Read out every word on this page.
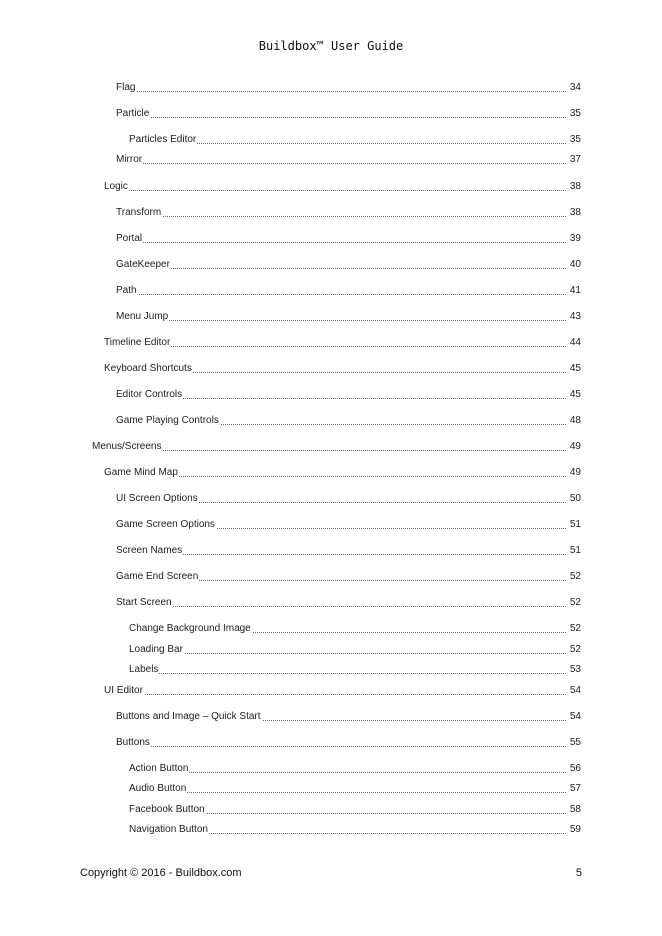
Buildbox™ User Guide
Flag	34
Particle	35
Particles Editor	35
Mirror	37
Logic	38
Transform	38
Portal	39
GateKeeper	40
Path	41
Menu Jump	43
Timeline Editor	44
Keyboard Shortcuts	45
Editor Controls	45
Game Playing Controls	48
Menus/Screens	49
Game Mind Map	49
UI Screen Options	50
Game Screen Options	51
Screen Names	51
Game End Screen	52
Start Screen	52
Change Background Image	52
Loading Bar	52
Labels	53
UI Editor	54
Buttons and Image – Quick Start	54
Buttons	55
Action Button	56
Audio Button	57
Facebook Button	58
Navigation Button	59
Copyright © 2016 - Buildbox.com	5
